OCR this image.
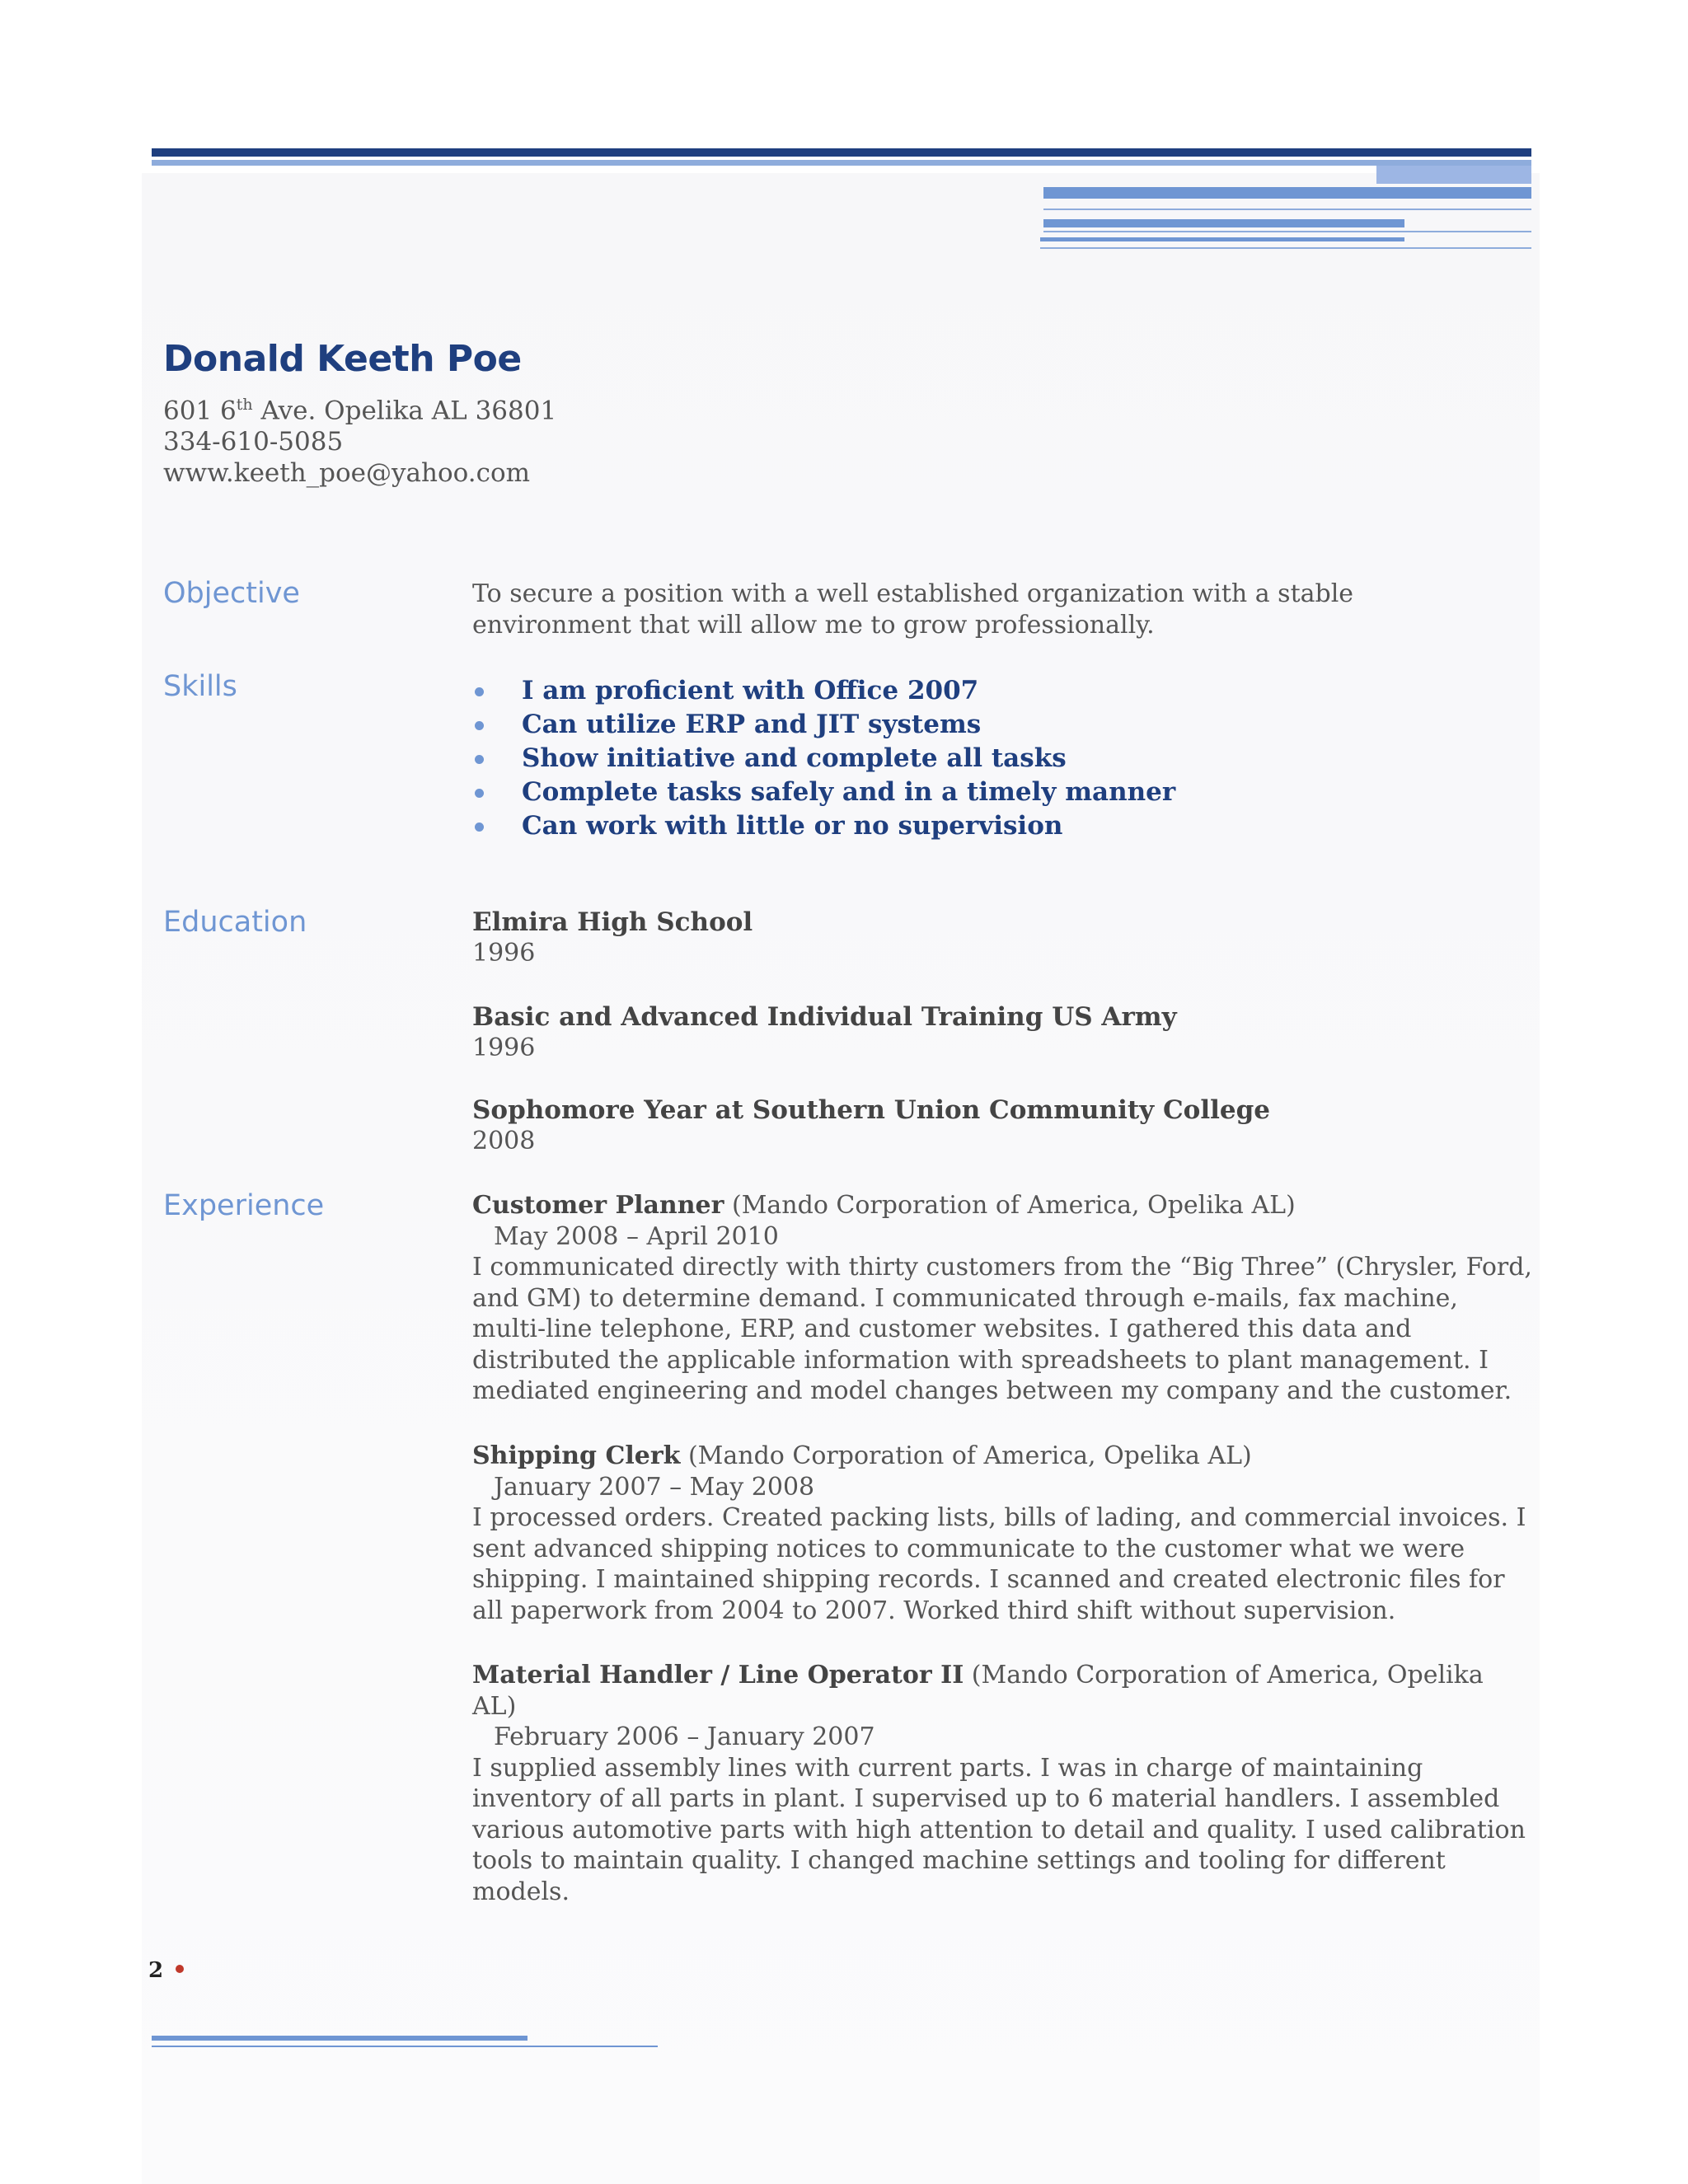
Donald Keeth Poe
601 6th Ave. Opelika AL 36801
334-610-5085
www.keeth_poe@yahoo.com
Objective	To secure a position with a well established organization with a stable environment that will allow me to grow professionally.
Skills	I am proficient with Office 2007
Can utilize ERP and JIT systems
Show initiative and complete all tasks
Complete tasks safely and in a timely manner
Can work with little or no supervision
Education	Elmira High School
1996
Basic and Advanced Individual Training US Army
1996
Sophomore Year at Southern Union Community College
2008
Experience	Customer Planner (Mando Corporation of America, Opelika AL)
May 2008 – April 2010
I communicated directly with thirty customers from the “Big Three” (Chrysler, Ford, and GM) to determine demand. I communicated through e-mails, fax machine, multi-line telephone, ERP, and customer websites. I gathered this data and distributed the applicable information with spreadsheets to plant management. I mediated engineering and model changes between my company and the customer.
Shipping Clerk (Mando Corporation of America, Opelika AL)
January 2007 – May 2008
I processed orders. Created packing lists, bills of lading, and commercial invoices. I sent advanced shipping notices to communicate to the customer what we were shipping. I maintained shipping records. I scanned and created electronic files for all paperwork from 2004 to 2007. Worked third shift without supervision.
Material Handler / Line Operator II (Mando Corporation of America, Opelika AL)
February 2006 – January 2007
I supplied assembly lines with current parts. I was in charge of maintaining inventory of all parts in plant. I supervised up to 6 material handlers. I assembled various automotive parts with high attention to detail and quality. I used calibration tools to maintain quality. I changed machine settings and tooling for different models.
2
